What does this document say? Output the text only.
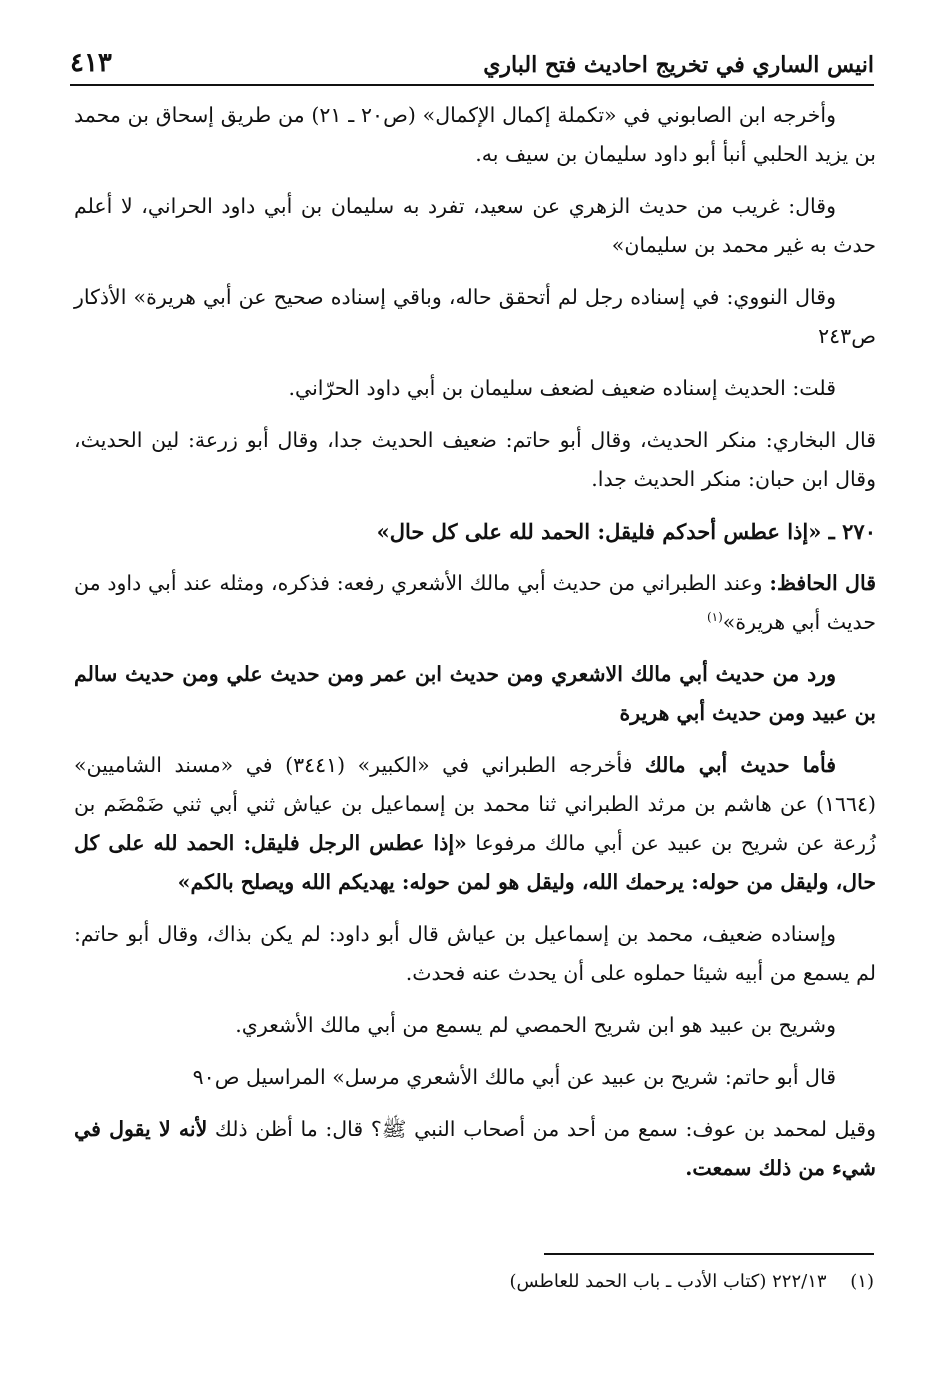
انيس الساري في تخريج احاديث فتح الباري
٤١٣

وأخرجه ابن الصابوني في «تكملة إكمال الإكمال» (ص٢٠ ـ ٢١) من طريق إسحاق بن محمد بن يزيد الحلبي أنبأ أبو داود سليمان بن سيف به.

وقال: غريب من حديث الزهري عن سعيد، تفرد به سليمان بن أبي داود الحراني، لا أعلم حدث به غير محمد بن سليمان»

وقال النووي: في إسناده رجل لم أتحقق حاله، وباقي إسناده صحيح عن أبي هريرة» الأذكار ص٢٤٣

قلت: الحديث إسناده ضعيف لضعف سليمان بن أبي داود الحرّاني.

قال البخاري: منكر الحديث، وقال أبو حاتم: ضعيف الحديث جدا، وقال أبو زرعة: لين الحديث، وقال ابن حبان: منكر الحديث جدا.

٢٧٠ ـ «إذا عطس أحدكم فليقل: الحمد لله على كل حال»

قال الحافظ: وعند الطبراني من حديث أبي مالك الأشعري رفعه: فذكره، ومثله عند أبي داود من حديث أبي هريرة»$^{(١)}$

ورد من حديث أبي مالك الاشعري ومن حديث ابن عمر ومن حديث علي ومن حديث سالم بن عبيد ومن حديث أبي هريرة

فأما حديث أبي مالك فأخرجه الطبراني في «الكبير» (٣٤٤١) في «مسند الشاميين» (١٦٦٤) عن هاشم بن مرثد الطبراني ثنا محمد بن إسماعيل بن عياش ثني أبي ثني ضَمْضَم بن زُرعة عن شريح بن عبيد عن أبي مالك مرفوعا «إذا عطس الرجل فليقل: الحمد لله على كل حال، وليقل من حوله: يرحمك الله، وليقل هو لمن حوله: يهديكم الله ويصلح بالكم»

وإسناده ضعيف، محمد بن إسماعيل بن عياش قال أبو داود: لم يكن بذاك، وقال أبو حاتم: لم يسمع من أبيه شيئا حملوه على أن يحدث عنه فحدث.

وشريح بن عبيد هو ابن شريح الحمصي لم يسمع من أبي مالك الأشعري.

قال أبو حاتم: شريح بن عبيد عن أبي مالك الأشعري مرسل» المراسيل ص٩٠

وقيل لمحمد بن عوف: سمع من أحد من أصحاب النبي ﷺ؟ قال: ما أظن ذلك لأنه لا يقول في شيء من ذلك سمعت.

(١) ٢٢٢/١٣ (كتاب الأدب ـ باب الحمد للعاطس)
